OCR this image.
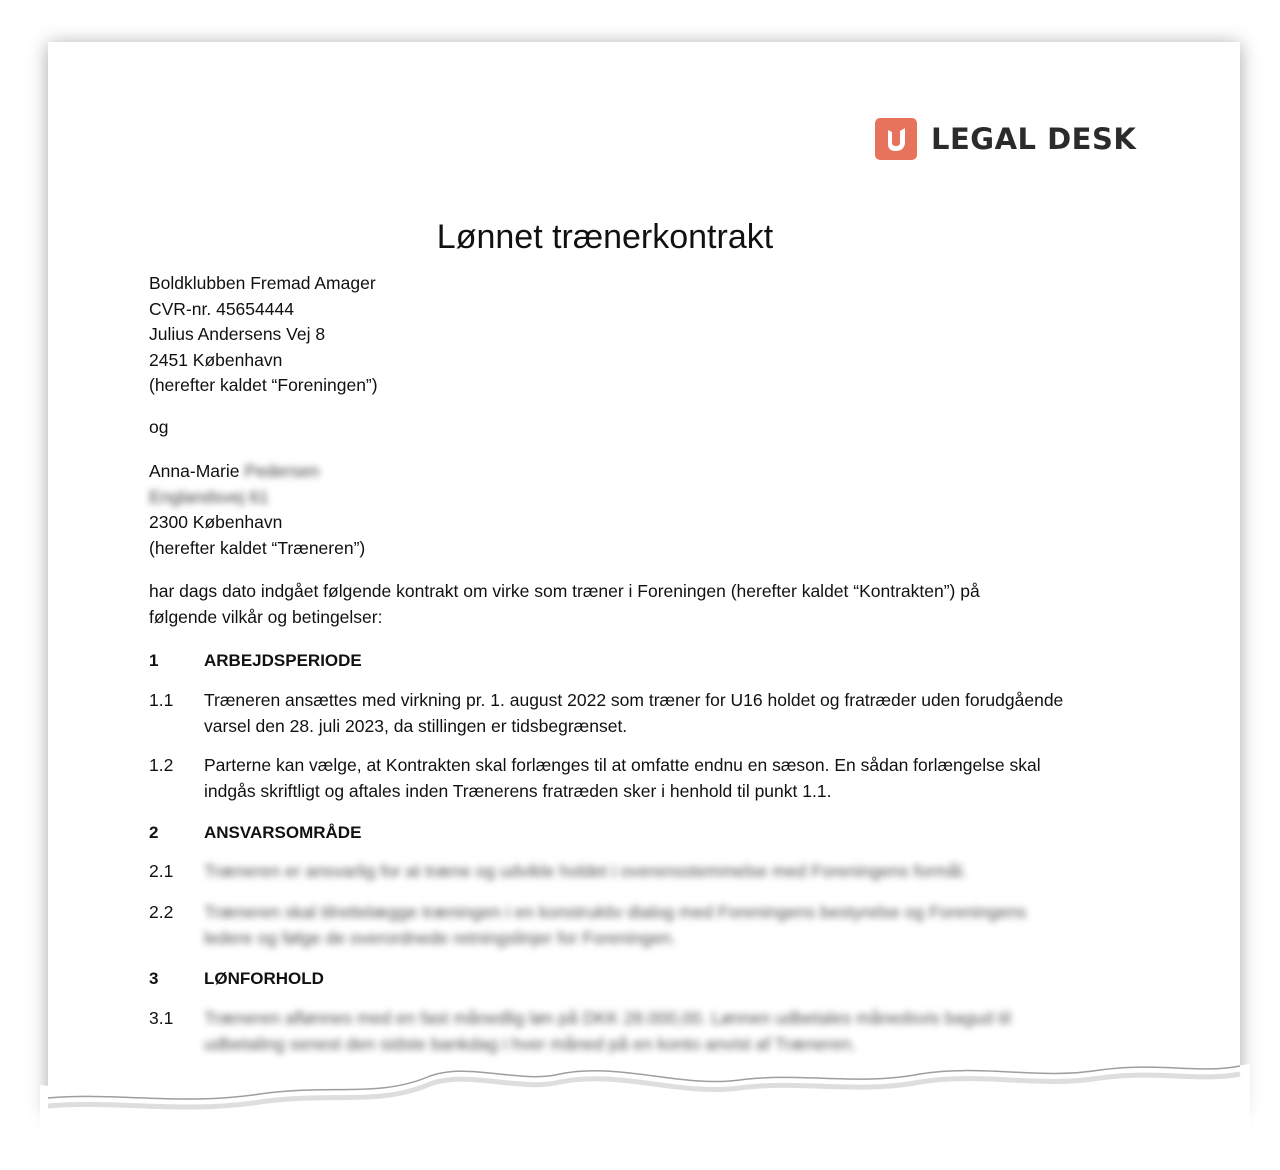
LEGAL DESK
Lønnet trænerkontrakt
Boldklubben Fremad Amager
CVR-nr. 45654444
Julius Andersens Vej 8
2451 København
(herefter kaldet “Foreningen”)
og
Anna-Marie Pedersen
Englandsvej 61
2300 København
(herefter kaldet “Træneren”)
har dags dato indgået følgende kontrakt om virke som træner i Foreningen (herefter kaldet “Kontrakten”) på
følgende vilkår og betingelser:
1	ARBEJDSPERIODE
1.1 Træneren ansættes med virkning pr. 1. august 2022 som træner for U16 holdet og fratræder uden forudgående varsel den 28. juli 2023, da stillingen er tidsbegrænset.
1.2 Parterne kan vælge, at Kontrakten skal forlænges til at omfatte endnu en sæson. En sådan forlængelse skal indgås skriftligt og aftales inden Trænerens fratræden sker i henhold til punkt 1.1.
2	ANSVARSOMRÅDE
2.1 Træneren er ansvarlig for at træne og udvikle holdet i overensstemmelse med Foreningens formål.
2.2 Træneren skal tilrettelægge træningen i en konstruktiv dialog med Foreningens bestyrelse og Foreningens ledere og følge de overordnede retningslinjer for Foreningen.
3	LØNFORHOLD
3.1 Træneren aflønnes med en fast månedlig løn på DKK 28.000,00. Lønnen udbetales månedsvis bagud til udbetaling senest den sidste bankdag i hver måned på en konto anvist af Træneren.
